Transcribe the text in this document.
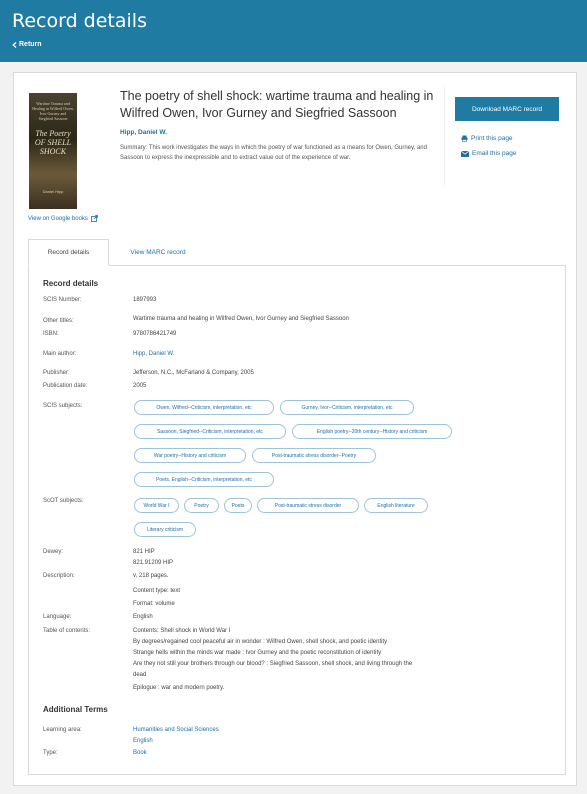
Record details
Return
Wartime Trauma and Healing in Wilfred Owen, Ivor Gurney and Siegfried Sassoon
The Poetry OF SHELL SHOCK
Daniel Hipp
View on Google books
The poetry of shell shock: wartime trauma and healing in Wilfred Owen, Ivor Gurney and Siegfried Sassoon
Hipp, Daniel W.
Summary: This work investigates the ways in which the poetry of war functioned as a means for Owen, Gurney, and Sassoon to express the inexpressible and to extract value out of the experience of war.
Download MARC record
Print this page
Email this page
Record details	View MARC record
Record details
SCIS Number:	1897993
Other titles:	Wartime trauma and healing in Wilfred Owen, Ivor Gurney and Siegfried Sassoon
ISBN:	9780786421749
Main author:	Hipp, Daniel W.
Publisher:	Jefferson, N.C., McFarland & Company, 2005
Publication date:	2005
SCIS subjects:	Owen, Wilfred--Criticism, interpretation, etc	Gurney, Ivor--Criticism, interpretation, etc
Sassoon, Siegfried--Criticism, interpretation, etc	English poetry--20th century--History and criticism
War poetry--History and criticism	Post-traumatic stress disorder--Poetry
Poets, English--Criticism, interpretation, etc
ScOT subjects:
World War I	Poetry	Poets	Post-traumatic stress disorder	English literature
Literary criticism
Dewey:	821 HIP
821.91209 HIP
Description:	v, 218 pages.
Content type: text
Format: volume
Language:	English
Table of contents:	Contents: Shell shock in World War I
By degrees/regained cool peaceful air in wonder : Wilfred Owen, shell shock, and poetic identity
Strange hells within the minds war made : Ivor Gurney and the poetic reconstitution of identity
Are they not still your brothers through our blood? : Siegfried Sassoon, shell shock, and living through the
dead
Epilogue : war and modern poetry.
Additional Terms
Learning area:	Humanities and Social Sciences
English
Type:	Book
